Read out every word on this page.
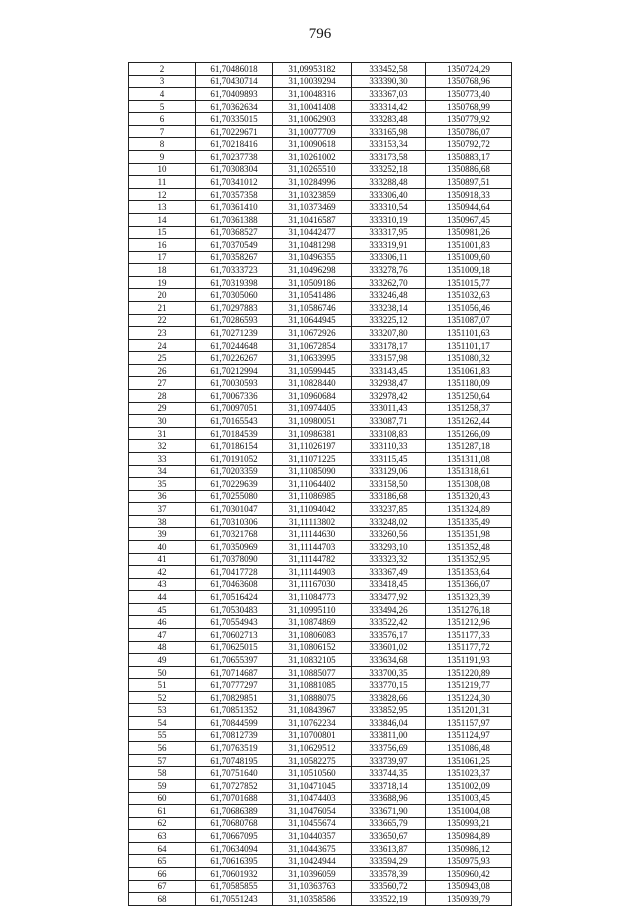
796
2	61,70486018	31,09953182	333452,58	1350724,29
3	61,70430714	31,10039294	333390,30	1350768,96
4	61,70409893	31,10048316	333367,03	1350773,40
5	61,70362634	31,10041408	333314,42	1350768,99
6	61,70335015	31,10062903	333283,48	1350779,92
7	61,70229671	31,10077709	333165,98	1350786,07
8	61,70218416	31,10090618	333153,34	1350792,72
9	61,70237738	31,10261002	333173,58	1350883,17
10	61,70308304	31,10265510	333252,18	1350886,68
11	61,70341012	31,10284996	333288,48	1350897,51
12	61,70357358	31,10323859	333306,40	1350918,33
13	61,70361410	31,10373469	333310,54	1350944,64
14	61,70361388	31,10416587	333310,19	1350967,45
15	61,70368527	31,10442477	333317,95	1350981,26
16	61,70370549	31,10481298	333319,91	1351001,83
17	61,70358267	31,10496355	333306,11	1351009,60
18	61,70333723	31,10496298	333278,76	1351009,18
19	61,70319398	31,10509186	333262,70	1351015,77
20	61,70305060	31,10541486	333246,48	1351032,63
21	61,70297883	31,10586746	333238,14	1351056,46
22	61,70286593	31,10644945	333225,12	1351087,07
23	61,70271239	31,10672926	333207,80	1351101,63
24	61,70244648	31,10672854	333178,17	1351101,17
25	61,70226267	31,10633995	333157,98	1351080,32
26	61,70212994	31,10599445	333143,45	1351061,83
27	61,70030593	31,10828440	332938,47	1351180,09
28	61,70067336	31,10960684	332978,42	1351250,64
29	61,70097051	31,10974405	333011,43	1351258,37
30	61,70165543	31,10980051	333087,71	1351262,44
31	61,70184539	31,10986381	333108,83	1351266,09
32	61,70186154	31,11026197	333110,33	1351287,18
33	61,70191052	31,11071225	333115,45	1351311,08
34	61,70203359	31,11085090	333129,06	1351318,61
35	61,70229639	31,11064402	333158,50	1351308,08
36	61,70255080	31,11086985	333186,68	1351320,43
37	61,70301047	31,11094042	333237,85	1351324,89
38	61,70310306	31,11113802	333248,02	1351335,49
39	61,70321768	31,11144630	333260,56	1351351,98
40	61,70350969	31,11144703	333293,10	1351352,48
41	61,70378090	31,11144782	333323,32	1351352,95
42	61,70417728	31,11144903	333367,49	1351353,64
43	61,70463608	31,11167030	333418,45	1351366,07
44	61,70516424	31,11084773	333477,92	1351323,39
45	61,70530483	31,10995110	333494,26	1351276,18
46	61,70554943	31,10874869	333522,42	1351212,96
47	61,70602713	31,10806083	333576,17	1351177,33
48	61,70625015	31,10806152	333601,02	1351177,72
49	61,70655397	31,10832105	333634,68	1351191,93
50	61,70714687	31,10885077	333700,35	1351220,89
51	61,70777297	31,10881085	333770,15	1351219,77
52	61,70829851	31,10888075	333828,66	1351224,30
53	61,70851352	31,10843967	333852,95	1351201,31
54	61,70844599	31,10762234	333846,04	1351157,97
55	61,70812739	31,10700801	333811,00	1351124,97
56	61,70763519	31,10629512	333756,69	1351086,48
57	61,70748195	31,10582275	333739,97	1351061,25
58	61,70751640	31,10510560	333744,35	1351023,37
59	61,70727852	31,10471045	333718,14	1351002,09
60	61,70701688	31,10474403	333688,96	1351003,45
61	61,70686389	31,10476054	333671,90	1351004,08
62	61,70680768	31,10455674	333665,79	1350993,21
63	61,70667095	31,10440357	333650,67	1350984,89
64	61,70634094	31,10443675	333613,87	1350986,12
65	61,70616395	31,10424944	333594,29	1350975,93
66	61,70601932	31,10396059	333578,39	1350960,42
67	61,70585855	31,10363763	333560,72	1350943,08
68	61,70551243	31,10358586	333522,19	1350939,79
